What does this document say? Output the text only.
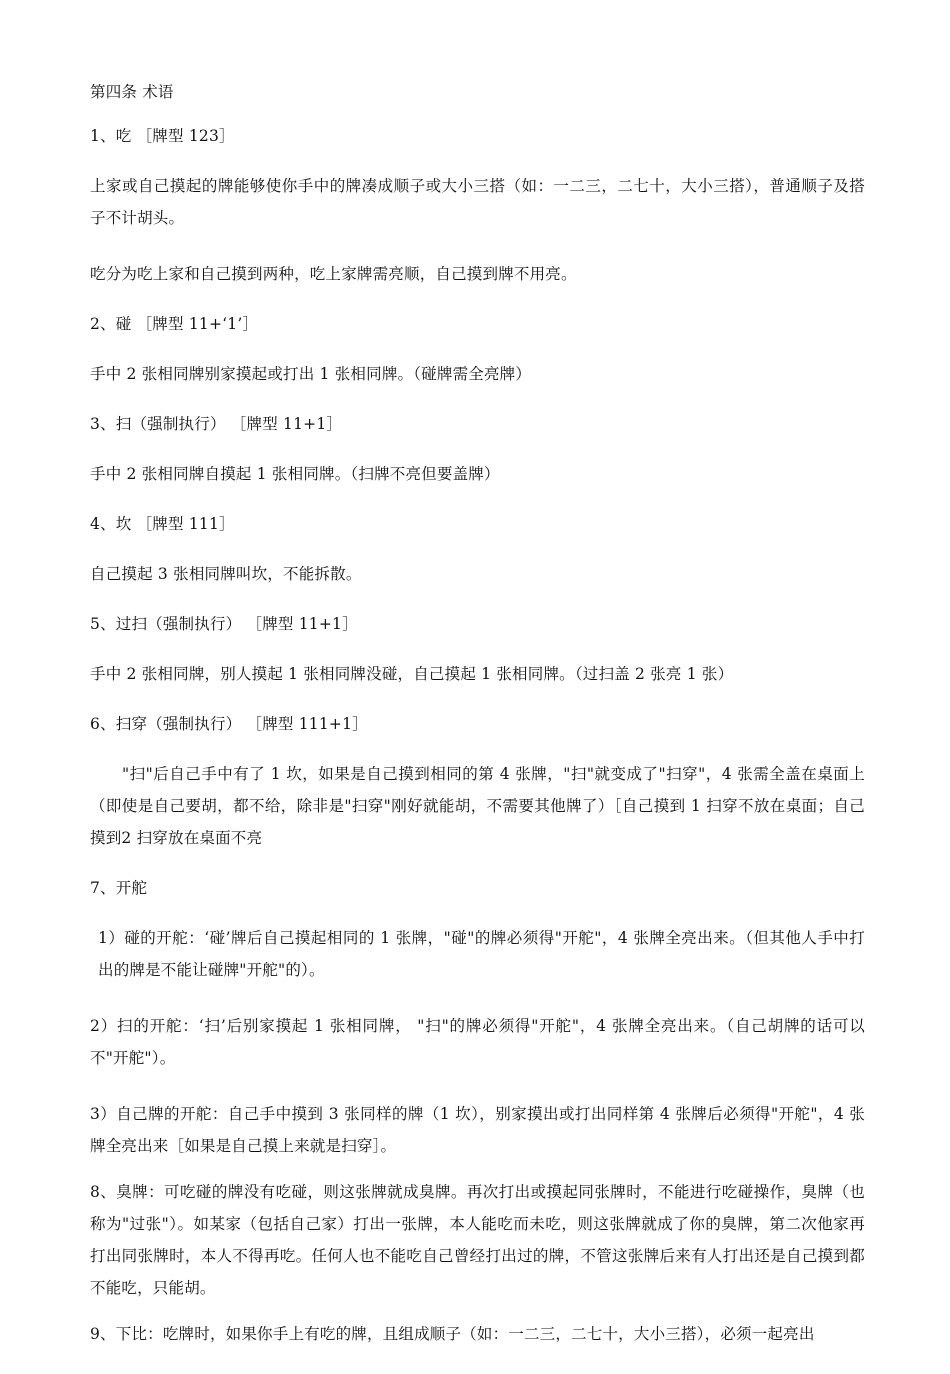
第四条 术语

1、吃 ［牌型 123］

上家或自己摸起的牌能够使你手中的牌凑成顺子或大小三搭（如：一二三，二七十，大小三搭），普通顺子及搭子不计胡头。

吃分为吃上家和自己摸到两种，吃上家牌需亮顺，自己摸到牌不用亮。

2、碰 ［牌型 11+‘1’］

手中 2 张相同牌别家摸起或打出 1 张相同牌。（碰牌需全亮牌）

3、扫（强制执行） ［牌型 11+1］

手中 2 张相同牌自摸起 1 张相同牌。（扫牌不亮但要盖牌）

4、坎 ［牌型 111］

自己摸起 3 张相同牌叫坎，不能拆散。

5、过扫（强制执行） ［牌型 11+1］

手中 2 张相同牌，别人摸起 1 张相同牌没碰，自己摸起 1 张相同牌。（过扫盖 2 张亮 1 张）

6、扫穿（强制执行） ［牌型 111+1］

"扫"后自己手中有了 1 坎，如果是自己摸到相同的第 4 张牌，"扫"就变成了"扫穿"，4 张需全盖在桌面上（即使是自己要胡，都不给，除非是"扫穿"刚好就能胡，不需要其他牌了）［自己摸到 1 扫穿不放在桌面；自己摸到2 扫穿放在桌面不亮

7、开舵

1）碰的开舵：‘碰’牌后自己摸起相同的 1 张牌，"碰"的牌必须得"开舵"，4 张牌全亮出来。（但其他人手中打出的牌是不能让碰牌"开舵"的）。

2）扫的开舵：‘扫’后别家摸起 1 张相同牌， "扫"的牌必须得"开舵"，4 张牌全亮出来。（自己胡牌的话可以不"开舵"）。

3）自己牌的开舵：自己手中摸到 3 张同样的牌（1 坎），别家摸出或打出同样第 4 张牌后必须得"开舵"，4 张牌全亮出来［如果是自己摸上来就是扫穿］。

8、臭牌：可吃碰的牌没有吃碰，则这张牌就成臭牌。再次打出或摸起同张牌时，不能进行吃碰操作，臭牌（也称为"过张"）。如某家（包括自己家）打出一张牌，本人能吃而未吃，则这张牌就成了你的臭牌，第二次他家再打出同张牌时，本人不得再吃。任何人也不能吃自己曾经打出过的牌，不管这张牌后来有人打出还是自己摸到都不能吃，只能胡。

9、下比：吃牌时，如果你手上有吃的牌，且组成顺子（如：一二三，二七十，大小三搭），必须一起亮出
